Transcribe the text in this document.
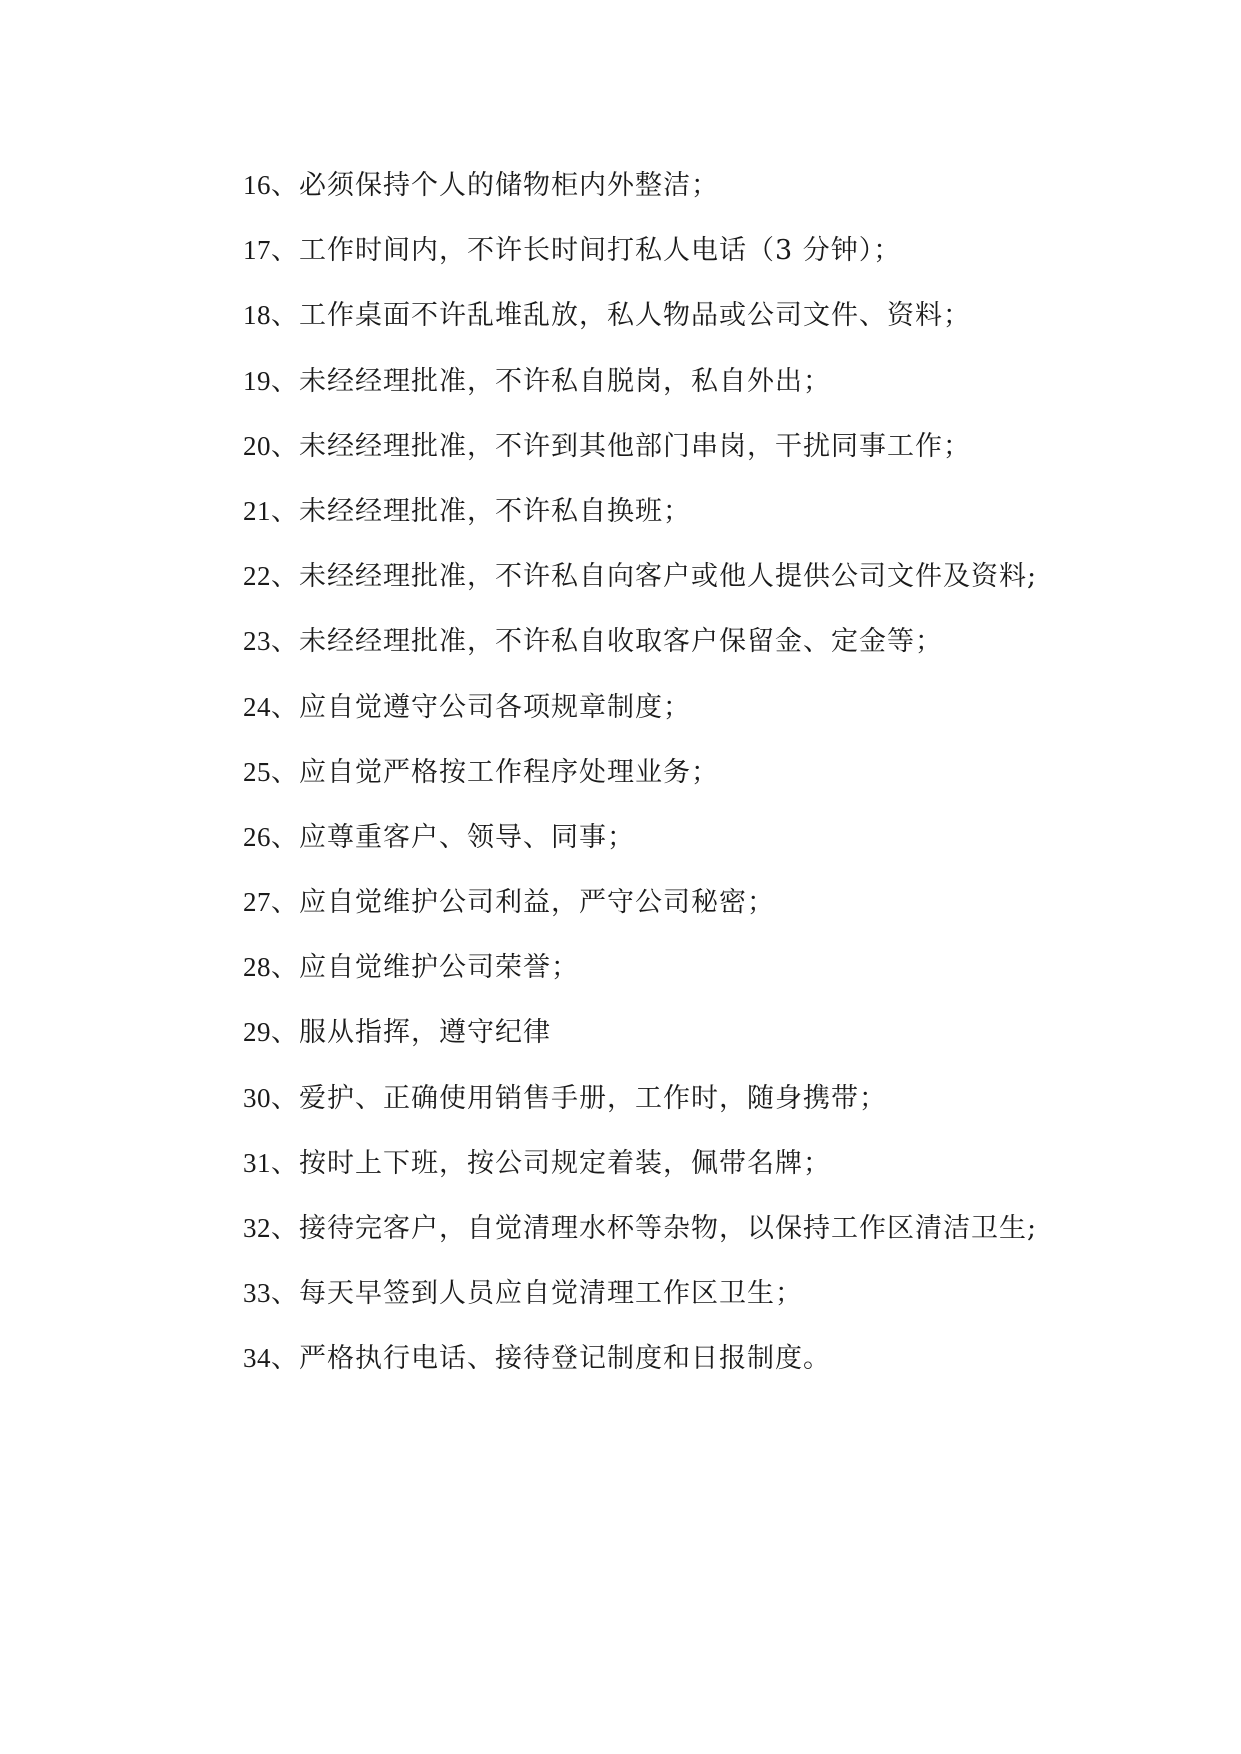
16、必须保持个人的储物柜内外整洁；
17、工作时间内，不许长时间打私人电话（3 分钟）；
18、工作桌面不许乱堆乱放，私人物品或公司文件、资料；
19、未经经理批准，不许私自脱岗，私自外出；
20、未经经理批准，不许到其他部门串岗，干扰同事工作；
21、未经经理批准，不许私自换班；
22、未经经理批准，不许私自向客户或他人提供公司文件及资料;
23、未经经理批准，不许私自收取客户保留金、定金等；
24、应自觉遵守公司各项规章制度；
25、应自觉严格按工作程序处理业务；
26、应尊重客户、领导、同事；
27、应自觉维护公司利益，严守公司秘密；
28、应自觉维护公司荣誉；
29、服从指挥，遵守纪律
30、爱护、正确使用销售手册，工作时，随身携带；
31、按时上下班，按公司规定着装，佩带名牌；
32、接待完客户，自觉清理水杯等杂物，以保持工作区清洁卫生;
33、每天早签到人员应自觉清理工作区卫生；
34、严格执行电话、接待登记制度和日报制度。
